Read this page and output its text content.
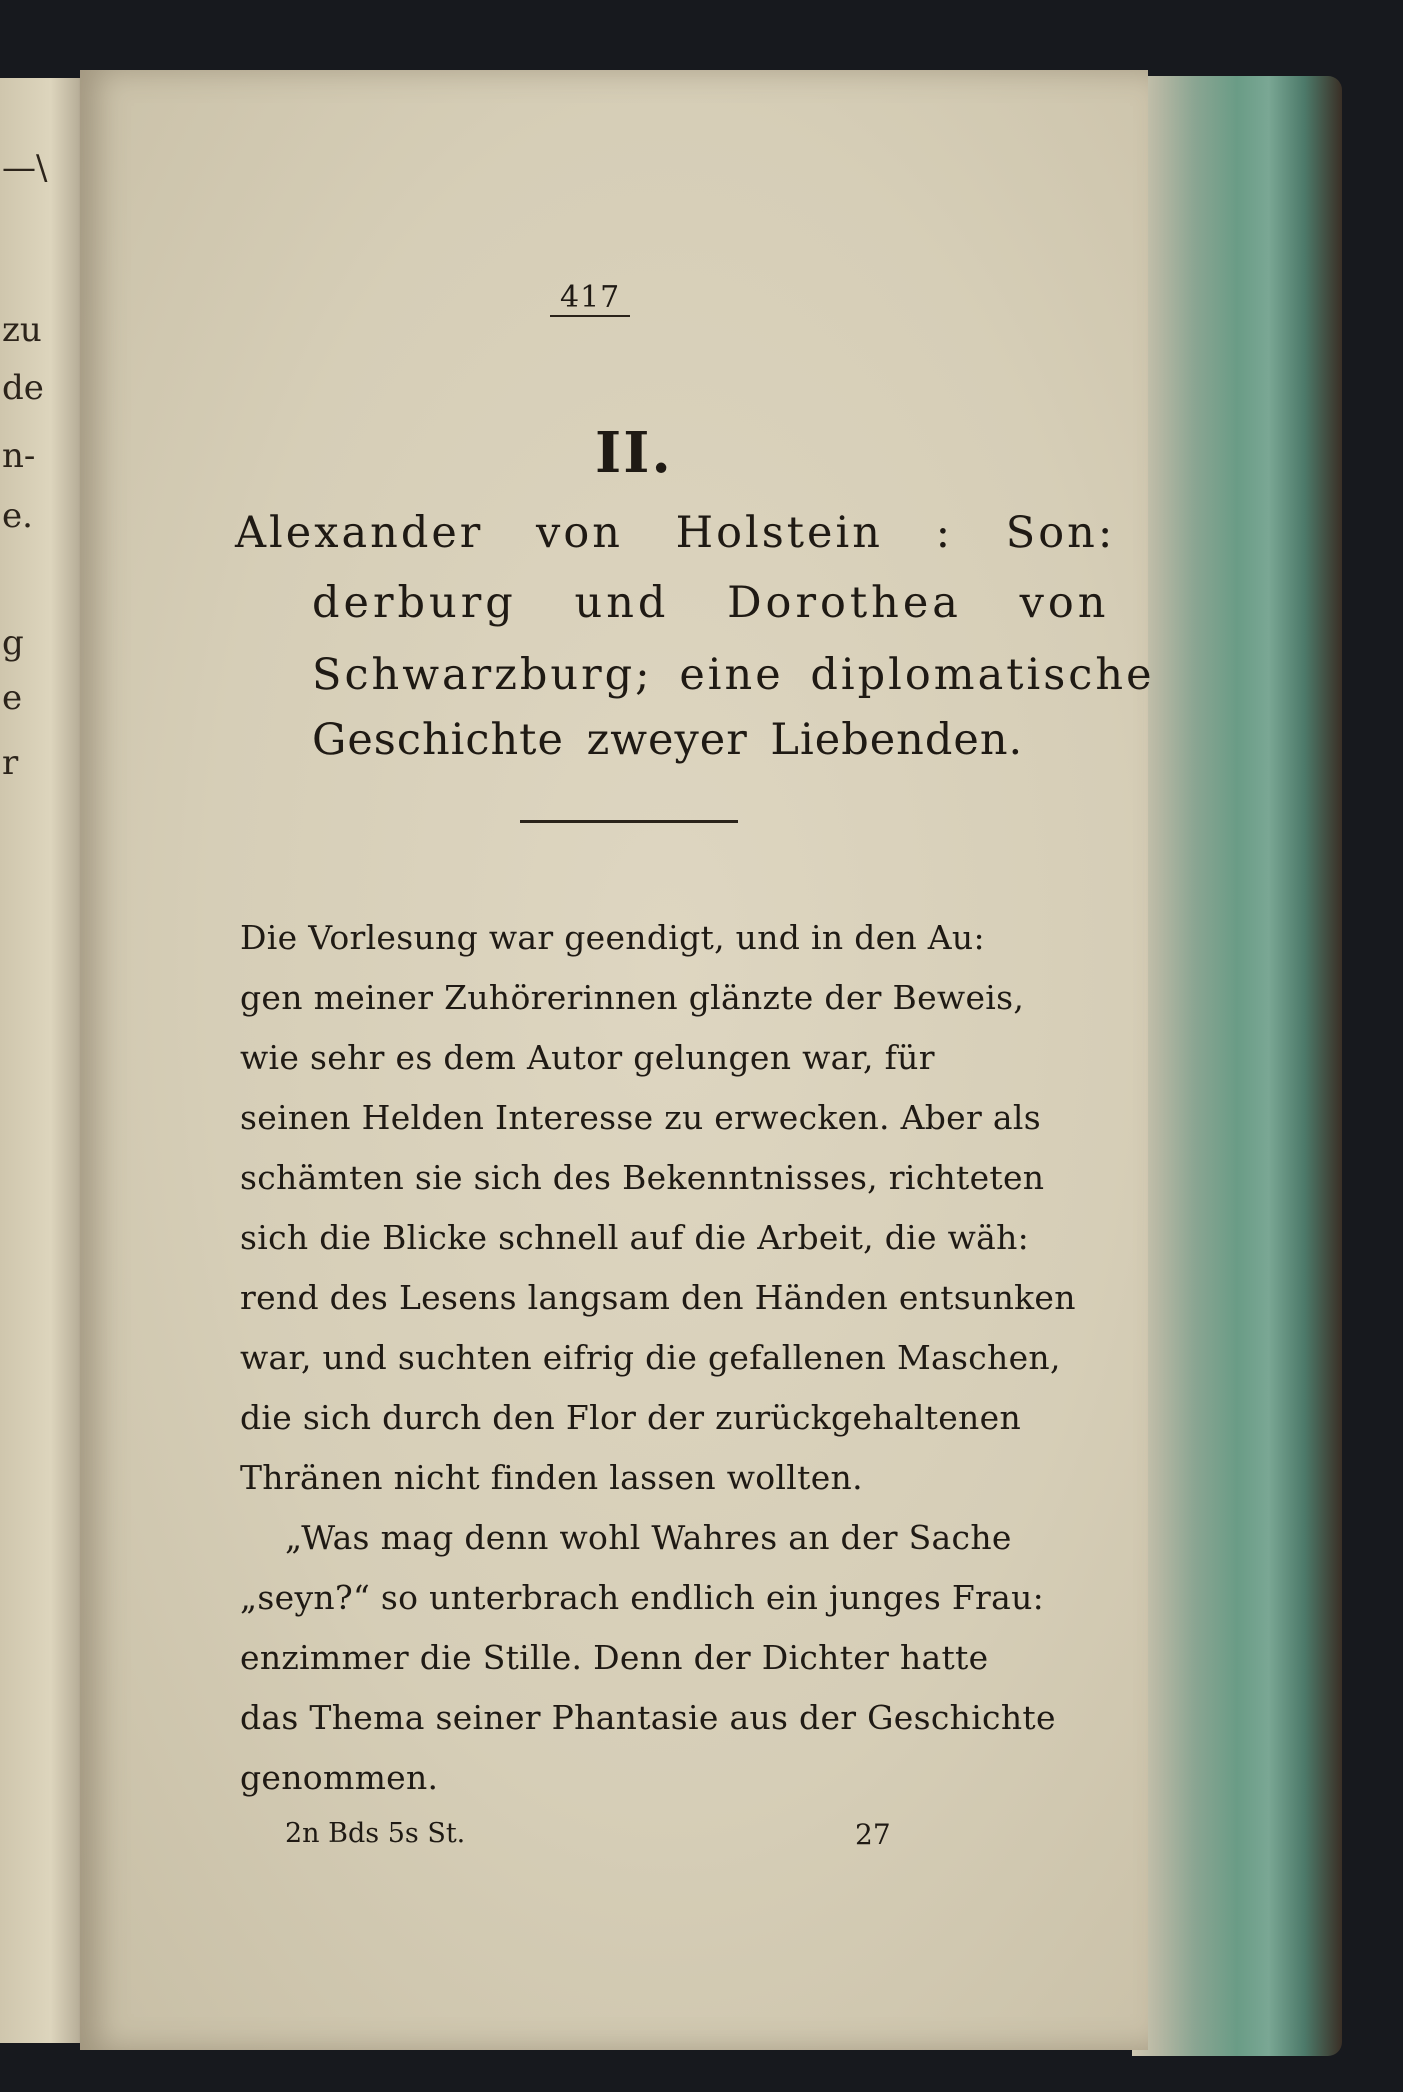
—\
zu
de
n-
e.
g
e
r
417
II.
Alexander von Holstein : Son:
derburg und Dorothea von
Schwarzburg; eine diplomatische
Geschichte zweyer Liebenden.
Die Vorlesung war geendigt, und in den Au:
gen meiner Zuhörerinnen glänzte der Beweis,
wie sehr es dem Autor gelungen war, für
seinen Helden Interesse zu erwecken. Aber als
schämten sie sich des Bekenntnisses, richteten
sich die Blicke schnell auf die Arbeit, die wäh:
rend des Lesens langsam den Händen entsunken
war, und suchten eifrig die gefallenen Maschen,
die sich durch den Flor der zurückgehaltenen
Thränen nicht finden lassen wollten.
„Was mag denn wohl Wahres an der Sache
„seyn?“ so unterbrach endlich ein junges Frau:
enzimmer die Stille. Denn der Dichter hatte
das Thema seiner Phantasie aus der Geschichte
genommen.
2n Bds 5s St.	27
